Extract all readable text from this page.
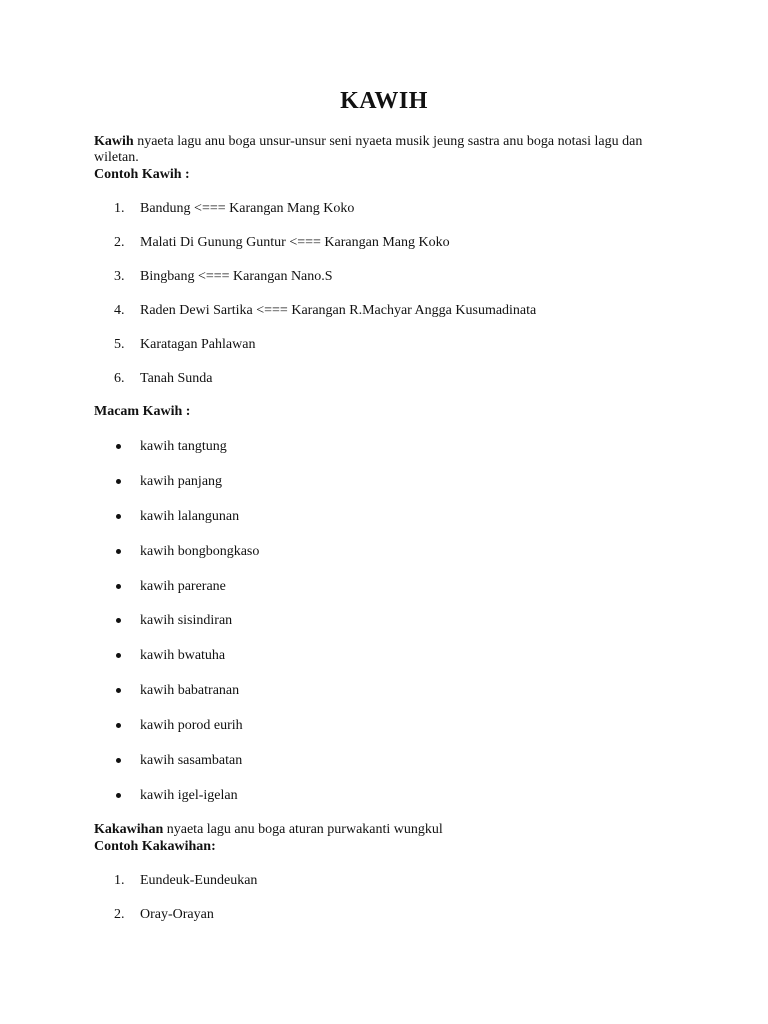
KAWIH
Kawih nyaeta lagu anu boga unsur-unsur seni nyaeta musik jeung sastra anu boga notasi lagu dan wiletan.
Contoh Kawih :
1.	Bandung <=== Karangan Mang Koko
2.	Malati Di Gunung Guntur <=== Karangan Mang Koko
3.	Bingbang <=== Karangan Nano.S
4.	Raden Dewi Sartika <=== Karangan R.Machyar Angga Kusumadinata
5.	Karatagan Pahlawan
6.	Tanah Sunda
Macam Kawih :
kawih tangtung
kawih panjang
kawih lalangunan
kawih bongbongkaso
kawih parerane
kawih sisindiran
kawih bwatuha
kawih babatranan
kawih porod eurih
kawih sasambatan
kawih igel-igelan
Kakawihan nyaeta lagu anu boga aturan purwakanti wungkul
Contoh Kakawihan:
1.	Eundeuk-Eundeukan
2.	Oray-Orayan
